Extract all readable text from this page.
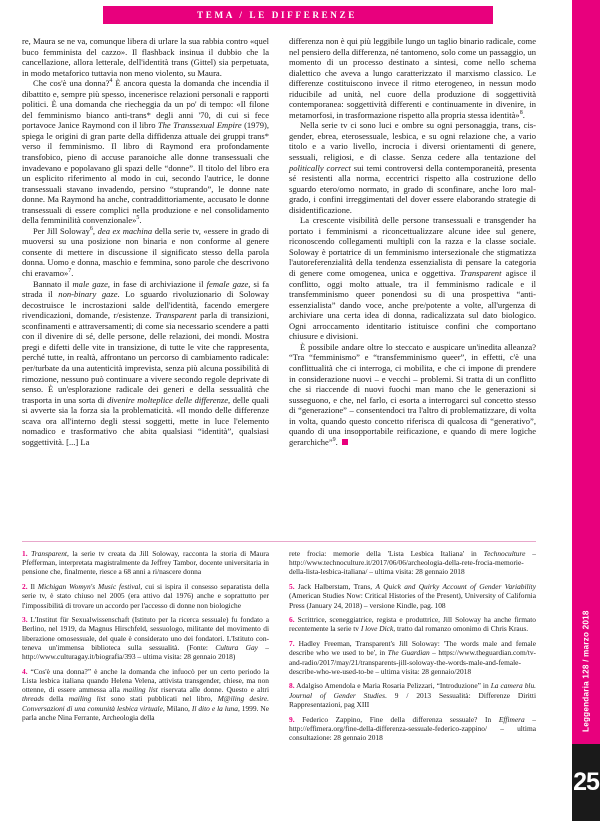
TEMA / LE DIFFERENZE

re, Maura se ne va, comunque libera di urlare la sua rabbia contro «quel buco femminista del cazzo». Il flashback insinua il dubbio che la cancellazione, allora letterale, dell'identità trans (Gittel) sia perpetuata, in modo metaforico tuttavia non meno violento, su Maura.

Che cos'è una donna?$^4$ È ancora questa la domanda che incendia il dibattito e, sempre più spesso, incenerisce relazioni personali e rapporti politici. È una domanda che riecheggia da un po' di tempo: «Il filone del femminismo bianco anti-trans* degli anni '70, di cui si fece portavoce Janice Raymond con il libro The Transsexual Empire (1979), spiega le origini di gran parte della diffidenza attuale dei gruppi trans* verso il femminismo. Il libro di Raymond era profondamente transfobico, pieno di accuse paranoiche alle donne transessuali che invadevano e popolavano gli spazi delle “donne”. Il titolo del libro era un esplicito riferimento al modo in cui, secondo l'autrice, le donne transessuali stavano invadendo, persino “stuprando”, le donne nate donne. Ma Raymond ha anche, contraddittoriamente, accusato le donne transessuali di essere complici nella produzione e nel consolidamento della femminilità convenzionale»$^5$.

Per Jill Soloway$^6$, dea ex machina della serie tv, «essere in grado di muoversi su una posizione non binaria e non conforme al genere consente di mettere in discussione il significato stesso della parola donna. Uomo e donna, maschio e femmina, sono parole che descrivono chi eravamo»$^7$.

Bannato il male gaze, in fase di archiviazione il female gaze, si fa strada il non-binary gaze. Lo sguardo rivoluzionario di Soloway decostruisce le incrostazioni salde dell'identità, facendo emergere rivendicazioni, domande, r/esistenze. Transparent parla di transizioni, sconfinamenti e attraversamenti; di come sia necessario scendere a patti con il divenire di sé, delle persone, delle relazioni, dei mondi. Mostra pregi e difetti delle vite in transizione, di tutte le vite che rappresenta, perché tutte, in realtà, affrontano un percorso di cambiamento radicale: per/turbate da una autenticità imprevista, senza più alcuna possibilità di rimozione, nessuno può continuare a vivere secondo regole deprivate di senso. È un'esplorazione radicale dei generi e della sessualità che trasporta in una sorta di divenire molteplice delle differenze, delle quali si avverte sia la forza sia la problematicità. «Il mondo delle differenze scava ora all'interno degli stessi soggetti, mette in luce l'elemento nomadico e trasformativo che abita qualsiasi “identità”, qualsiasi soggettività. [...] La

differenza non è qui più leggibile lungo un taglio binario radicale, come nel pensiero della differenza, né tantomeno, solo come un passaggio, un momento di un processo destinato a sintesi, come nello schema dialettico che aveva a lungo caratterizzato il marxismo classico. Le differenze costituiscono invece il ritmo eterogeneo, in nessun modo riducibile ad unità, nel cuore della produzione di soggettività contemporanea: soggettività differenti e continuamente in divenire, in metamorfosi, in trasformazione rispetto alla propria stessa identità»$^8$.

Nella serie tv ci sono luci e ombre su ogni personaggia, trans, cis-gender, ebrea, eterosessuale, lesbica, e su ogni relazione che, a vario titolo e a vario livello, incrocia i diversi orientamenti di genere, sessuali, religiosi, e di classe. Senza cedere alla tentazione del politically correct sui temi controversi della contemporaneità, presenta sé resistenti alla norma, eccentrici rispetto alla costruzione dello sguardo etero/omo normato, in grado di sconfinare, anche loro malgrado, i confini irreggimentati del dover essere elaborando strategie di disidentificazione.

La crescente visibilità delle persone transessuali e transgender ha portato i femminismi a riconcettualizzare alcune idee sul genere, riconoscendo collegamenti multipli con la razza e la classe sociale. Soloway è portatrice di un femminismo intersezionale che stigmatizza l'autoreferenzialità della tendenza essenzialista di pensare la categoria di genere come omogenea, unica e oggettiva. Transparent agisce il conflitto, oggi molto attuale, tra il femminismo radicale e il transfemminismo queer ponendosi su di una prospettiva “anti-essenzialista” dando voce, anche pre/potente a volte, all'urgenza di archiviare una certa idea di donna, radicalizzata sul dato biologico. Ogni arroccamento identitario istituisce confini che comportano chiusure e divisioni.

È possibile andare oltre lo steccato e auspicare un'inedita alleanza? “Tra “femminismo” e “transfemminismo queer”, in effetti, c'è una conflittualità che ci interroga, ci mobilita, e che ci impone di prendere in considerazione nuovi – e vecchi – problemi. Si tratta di un conflitto che si riaccende di nuovi fuochi man mano che le generazioni si susseguono, e che, nel farlo, ci esorta a interrogarci sul concetto stesso di “generazione” – consentendoci tra l'altro di problematizzare, di volta in volta, quando questo concetto riferisca di qualcosa di “generativo”, quando di una insopportabile reificazione, e quando di mere logiche gerarchiche”$^9$.

1. Transparent, la serie tv creata da Jill Soloway, racconta la storia di Maura Pfefferman, interpretata magistralmente da Jeffrey Tambor, docente universitaria in pensione che, finalmente, riesce a 68 anni a ri/nascere donna

2. Il Michigan Womyn's Music festival, cui si ispira il consesso separatista della serie tv, è stato chiuso nel 2005 (era attivo dal 1976) anche e soprattutto per l'impossibilità di trovare un accordo per l'accesso di donne non biologiche

3. L'Institut für Sexualwissenschaft (Istituto per la ricerca sessuale) fu fondato a Berlino, nel 1919, da Magnus Hirschfeld, sessuologo, militante del movimento di liberazione omosessuale, del quale è considerato uno dei fondatori. L'Istituto conteneva un'immensa biblioteca sulla sessualità. (Fonte: Cultura Gay – http://www.culturagay.it/biografia/393 – ultima visita: 28 gennaio 2018)

4. “Cos'è una donna?” è anche la domanda che infuocò per un certo periodo la Lista lesbica italiana quando Helena Velena, attivista transgender, chiese, ma non ottenne, di essere ammessa alla mailing list riservata alle donne. Questo e altri threads della mailing list sono stati pubblicati nel libro, M@iling desire. Conversazioni di una comunità lesbica virtuale, Milano, Il dito e la luna, 1999. Ne parla anche Nina Ferrante, Archeologia della

rete frocia: memorie della 'Lista Lesbica Italiana' in Technoculture – http://www.technoculture.it/2017/06/06/archeologia-della-rete-frocia-memorie-della-lista-lesbica-italiana/ – ultima visita: 28 gennaio 2018

5. Jack Halberstam, Trans, A Quick and Quirky Account of Gender Variability (American Studies Now: Critical Histories of the Present), University of California Press (January 24, 2018) – versione Kindle, pag. 108

6. Scrittrice, sceneggiatrice, regista e produttrice, Jill Soloway ha anche firmato recentemente la serie tv I love Dick, tratto dal romanzo omonimo di Chris Kraus.

7. Hadley Freeman, Transparent's Jill Soloway: 'The words male and female describe who we used to be', in The Guardian – https://www.theguardian.com/tv-and-radio/2017/may/21/transparents-jill-soloway-the-words-male-and-female-describe-who-we-used-to-be – ultima visita: 28 gennaio/2018

8. Adalgiso Amendola e Maria Rosaria Pelizzari, “Introduzione” in La camera blu. Journal of Gender Studies. 9 / 2013 Sessualità: Differenze Diritti Rappresentazioni, pag XIII

9. Federico Zappino, Fine della differenza sessuale? In Effimera – http://effimera.org/fine-della-differenza-sessuale-federico-zappino/ – ultima consultazione: 28 gennaio 2018

Leggendaria 128 / marzo 2018
25
